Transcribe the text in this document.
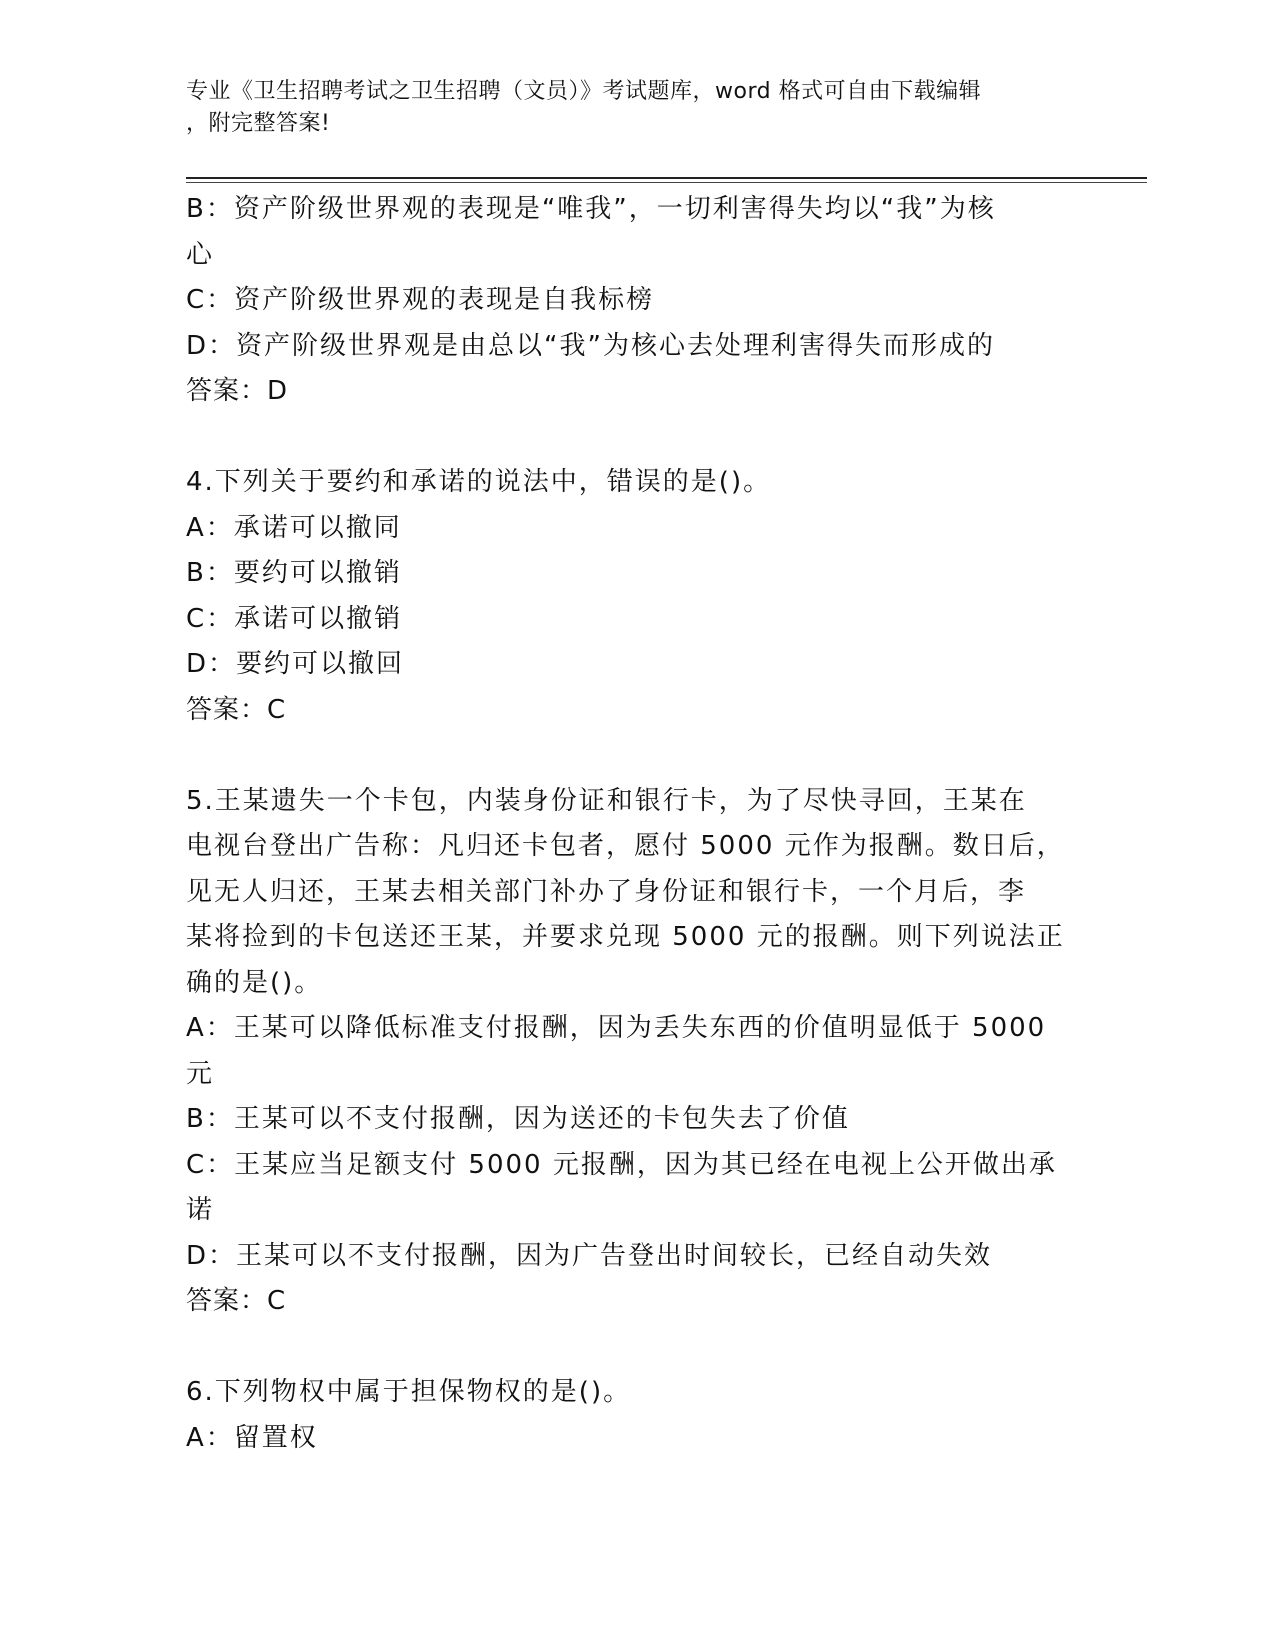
专业《卫生招聘考试之卫生招聘（文员）》考试题库，word 格式可自由下载编辑
，附完整答案!
B：资产阶级世界观的表现是“唯我”，一切利害得失均以“我”为核
心
C：资产阶级世界观的表现是自我标榜
D：资产阶级世界观是由总以“我”为核心去处理利害得失而形成的
答案：D
4.下列关于要约和承诺的说法中，错误的是()。
A：承诺可以撤同
B：要约可以撤销
C：承诺可以撤销
D：要约可以撤回
答案：C
5.王某遗失一个卡包，内装身份证和银行卡，为了尽快寻回，王某在
电视台登出广告称：凡归还卡包者，愿付 5000 元作为报酬。数日后，
见无人归还，王某去相关部门补办了身份证和银行卡，一个月后，李
某将捡到的卡包送还王某，并要求兑现 5000 元的报酬。则下列说法正
确的是()。
A：王某可以降低标准支付报酬，因为丢失东西的价值明显低于 5000
元
B：王某可以不支付报酬，因为送还的卡包失去了价值
C：王某应当足额支付 5000 元报酬，因为其已经在电视上公开做出承
诺
D：王某可以不支付报酬，因为广告登出时间较长，已经自动失效
答案：C
6.下列物权中属于担保物权的是()。
A：留置权
